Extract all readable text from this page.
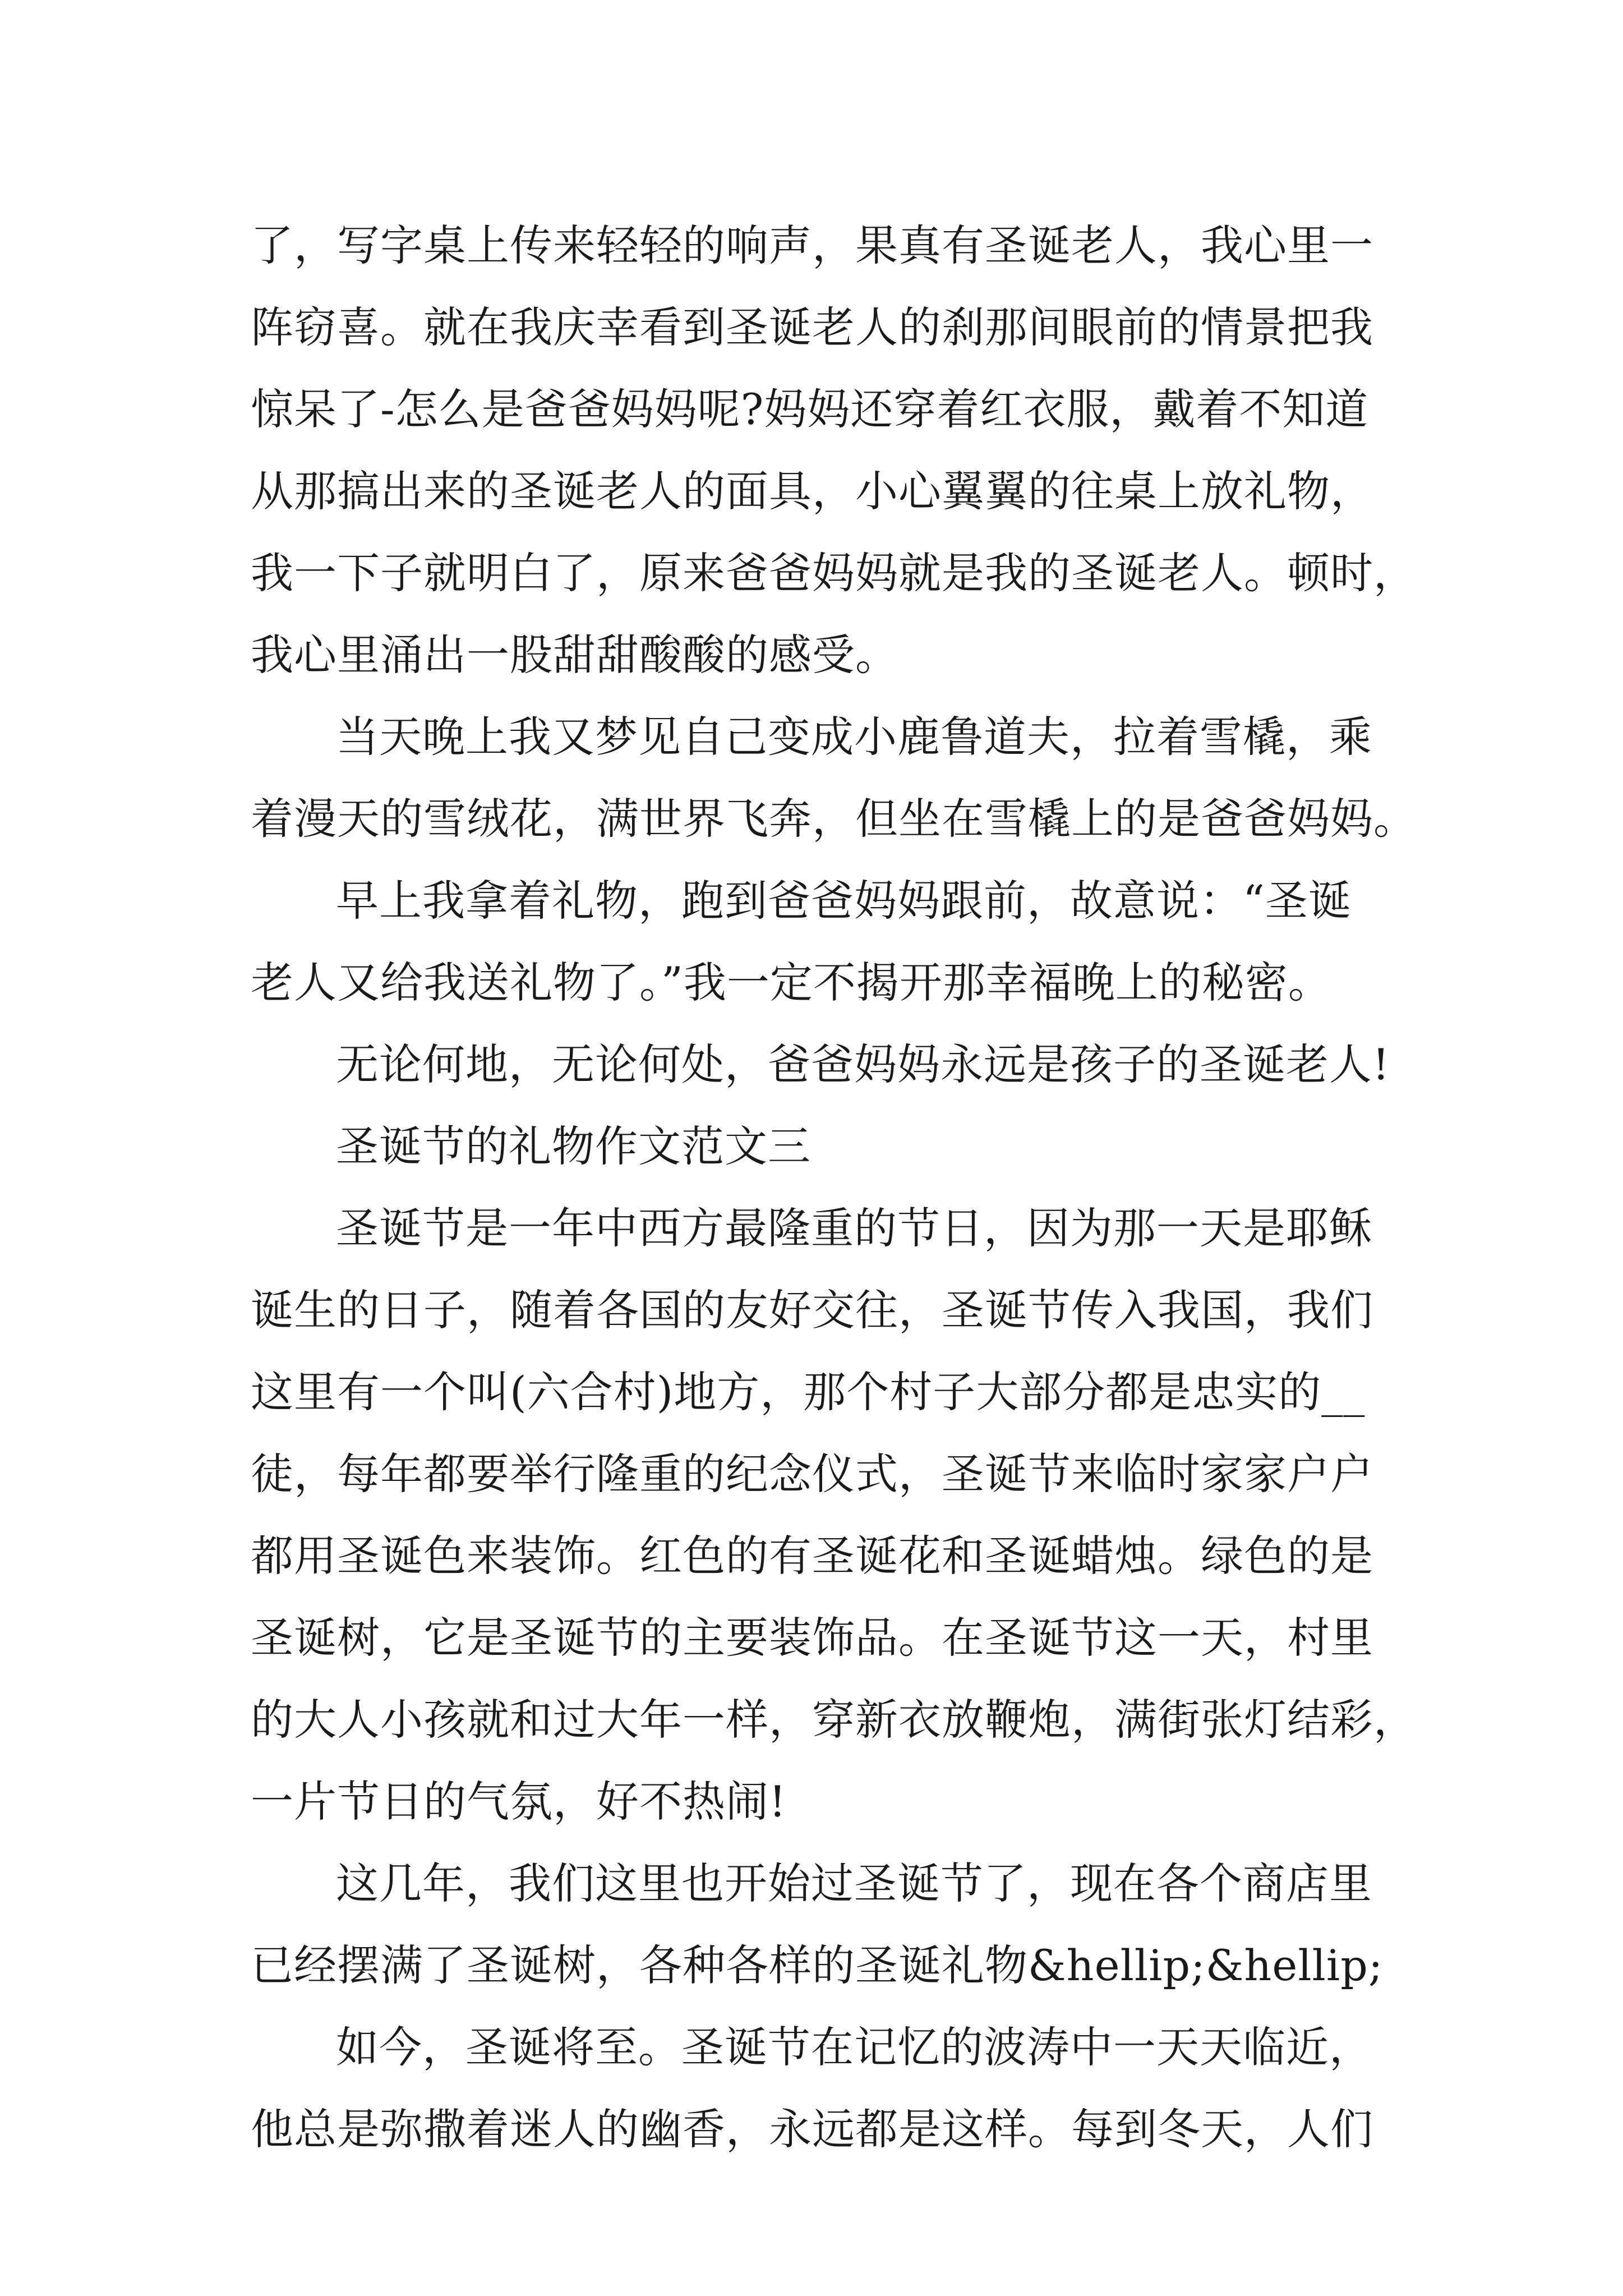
了，写字桌上传来轻轻的响声，果真有圣诞老人，我心里一
阵窃喜。就在我庆幸看到圣诞老人的刹那间眼前的情景把我
惊呆了-怎么是爸爸妈妈呢?妈妈还穿着红衣服，戴着不知道
从那搞出来的圣诞老人的面具，小心翼翼的往桌上放礼物，
我一下子就明白了，原来爸爸妈妈就是我的圣诞老人。顿时，
我心里涌出一股甜甜酸酸的感受。
当天晚上我又梦见自己变成小鹿鲁道夫，拉着雪橇，乘
着漫天的雪绒花，满世界飞奔，但坐在雪橇上的是爸爸妈妈。
早上我拿着礼物，跑到爸爸妈妈跟前，故意说：“圣诞
老人又给我送礼物了。”我一定不揭开那幸福晚上的秘密。
无论何地，无论何处，爸爸妈妈永远是孩子的圣诞老人!
圣诞节的礼物作文范文三
圣诞节是一年中西方最隆重的节日，因为那一天是耶稣
诞生的日子，随着各国的友好交往，圣诞节传入我国，我们
这里有一个叫(六合村)地方，那个村子大部分都是忠实的__
徒，每年都要举行隆重的纪念仪式，圣诞节来临时家家户户
都用圣诞色来装饰。红色的有圣诞花和圣诞蜡烛。绿色的是
圣诞树，它是圣诞节的主要装饰品。在圣诞节这一天，村里
的大人小孩就和过大年一样，穿新衣放鞭炮，满街张灯结彩，
一片节日的气氛，好不热闹!
这几年，我们这里也开始过圣诞节了，现在各个商店里
已经摆满了圣诞树，各种各样的圣诞礼物&hellip;&hellip;
如今，圣诞将至。圣诞节在记忆的波涛中一天天临近，
他总是弥撒着迷人的幽香，永远都是这样。每到冬天，人们
